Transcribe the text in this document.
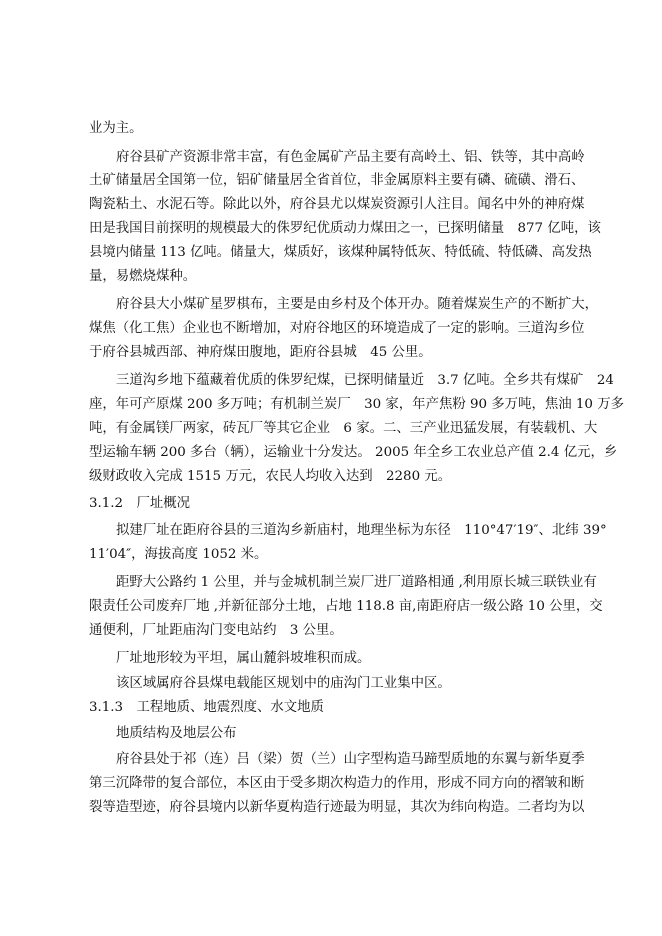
业为主。
府谷县矿产资源非常丰富，有色金属矿产品主要有高岭土、铝、铁等，其中高岭
土矿储量居全国第一位，铝矿储量居全省首位，非金属原料主要有磷、硫磺、滑石、
陶瓷粘土、水泥石等。除此以外，府谷县尤以煤炭资源引人注目。闻名中外的神府煤
田是我国目前探明的规模最大的侏罗纪优质动力煤田之一，已探明储量　877 亿吨，该
县境内储量 113 亿吨。储量大，煤质好，该煤种属特低灰、特低硫、特低磷、高发热
量，易燃烧煤种。
府谷县大小煤矿星罗棋布，主要是由乡村及个体开办。随着煤炭生产的不断扩大，
煤焦（化工焦）企业也不断增加，对府谷地区的环境造成了一定的影响。三道沟乡位
于府谷县城西部、神府煤田腹地，距府谷县城　45 公里。
三道沟乡地下蕴藏着优质的侏罗纪煤，已探明储量近　3.7 亿吨。全乡共有煤矿　24
座，年可产原煤 200 多万吨；有机制兰炭厂　30 家，年产焦粉 90 多万吨，焦油 10 万多
吨，有金属镁厂两家，砖瓦厂等其它企业　6 家。二、三产业迅猛发展，有装载机、大
型运输车辆 200 多台（辆），运输业十分发达。 2005 年全乡工农业总产值 2.4 亿元，乡
级财政收入完成 1515 万元，农民人均收入达到　2280 元。
3.1.2　厂址概况
拟建厂址在距府谷县的三道沟乡新庙村，地理坐标为东径　110°47′19″、北纬 39°
11′04″，海拔高度 1052 米。
距野大公路约 1 公里，并与金城机制兰炭厂进厂道路相通 ,利用原长城三联铁业有
限责任公司废弃厂地 ,并新征部分土地，占地 118.8 亩,南距府店一级公路 10 公里，交
通便利，厂址距庙沟门变电站约　3 公里。
厂址地形较为平坦，属山麓斜坡堆积而成。
该区域属府谷县煤电载能区规划中的庙沟门工业集中区。
3.1.3　工程地质、地震烈度、水文地质
地质结构及地层公布
府谷县处于祁（连）吕（梁）贺（兰）山字型构造马蹄型质地的东翼与新华夏季
第三沉降带的复合部位，本区由于受多期次构造力的作用，形成不同方向的褶皱和断
裂等造型迹，府谷县境内以新华夏构造行迹最为明显，其次为纬向构造。二者均为以
